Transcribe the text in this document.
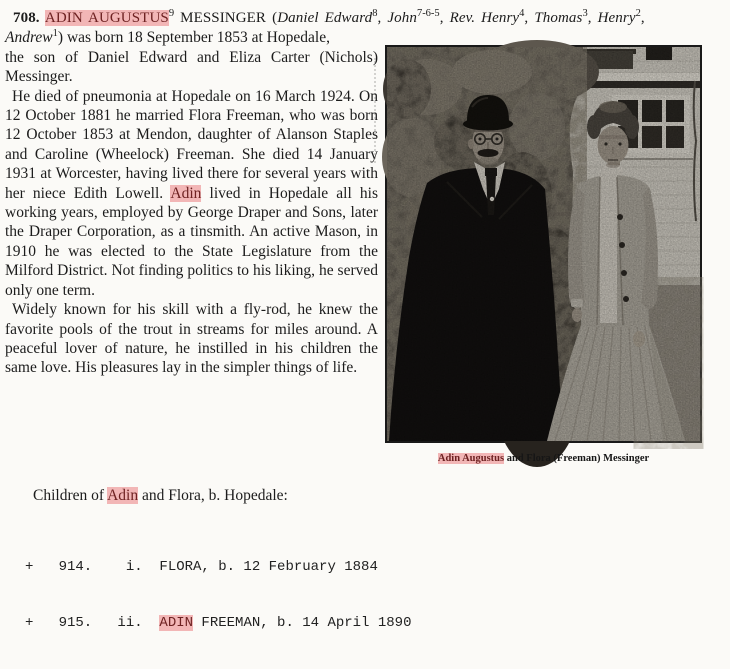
708. ADIN AUGUSTUS$^9$ MESSINGER (Daniel Edward$^8$, John$^{7-6-5}$, Rev. Henry$^4$, Thomas$^3$, Henry$^2$,
Andrew$^1$) was born 18 September 1853 at Hopedale,
the son of Daniel Edward and Eliza Carter (Nichols) Messinger.

He died of pneumonia at Hopedale on 16 March 1924. On 12 October 1881 he married Flora Freeman, who was born 12 October 1853 at Mendon, daughter of Alanson Staples and Caroline (Wheelock) Freeman. She died 14 January 1931 at Worcester, having lived there for several years with her niece Edith Lowell. Adin lived in Hopedale all his working years, employed by George Draper and Sons, later the Draper Corporation, as a tinsmith. An active Mason, in 1910 he was elected to the State Legislature from the Milford District. Not finding politics to his liking, he served only one term.

Widely known for his skill with a fly-rod, he knew the favorite pools of the trout in streams for miles around. A peaceful lover of nature, he instilled in his children the same love. His pleasures lay in the simpler things of life.

Adin Augustus and Flora (Freeman) Messinger
Children of Adin and Flora, b. Hopedale:

+   914.    i.  FLORA, b. 12 February 1884

+   915.   ii.  ADIN FREEMAN, b. 14 April 1890
